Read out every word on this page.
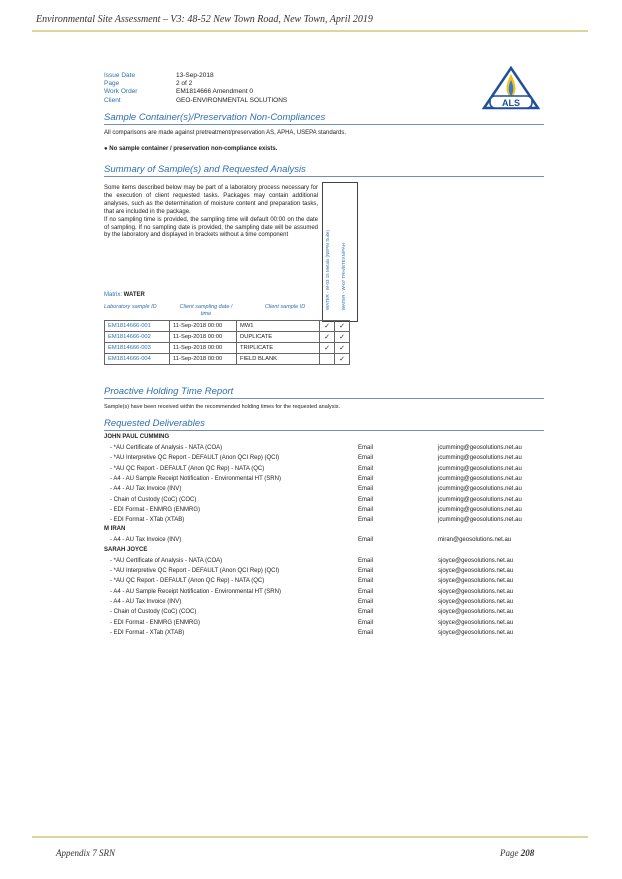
Environmental Site Assessment – V3: 48-52 New Town Road, New Town, April 2019
Issue Date	13-Sep-2018
Page	2 of 2
Work Order	EM1814666 Amendment 0
Client	GEO-ENVIRONMENTAL SOLUTIONS	ALS
Sample Container(s)/Preservation Non-Compliances
All comparisons are made against pretreatment/preservation AS, APHA, USEPA standards.
● No sample container / preservation non-compliance exists.
Summary of Sample(s) and Requested Analysis

Some items described below may be part of a laboratory process necessary for the execution of client requested tasks. Packages may contain additional analyses, such as the determination of moisture content and preparation tasks, that are included in the package.

If no sampling time is provided, the sampling time will default 00:00 on the date of sampling. If no sampling date is provided, the sampling date will be assumed by the laboratory and displayed in brackets without a time component

Matrix: WATER
Laboratory sample ID	Client sampling date / time
Client sample ID	WATER - W-03 15 Metals (NEPM Suite) WATER - W-07 TRH/BTEXN/PAH
EM1814666-001	11-Sep-2018 00:00	MW1	✓	✓
EM1814666-002	11-Sep-2018 00:00	DUPLICATE	✓	✓
EM1814666-003	11-Sep-2018 00:00	TRIPLICATE	✓	✓
EM1814666-004	11-Sep-2018 00:00	FIELD BLANK		✓
Proactive Holding Time Report
Sample(s) have been received within the recommended holding times for the requested analysis.
Requested Deliverables
JOHN PAUL CUMMING
- *AU Certificate of Analysis - NATA (COA)	Email	jcumming@geosolutions.net.au
- *AU Interpretive QC Report - DEFAULT (Anon QCI Rep) (QCI)	Email	jcumming@geosolutions.net.au
- *AU QC Report - DEFAULT (Anon QC Rep) - NATA (QC)	Email	jcumming@geosolutions.net.au
- A4 - AU Sample Receipt Notification - Environmental HT (SRN)	Email	jcumming@geosolutions.net.au
- A4 - AU Tax Invoice (INV)	Email	jcumming@geosolutions.net.au
- Chain of Custody (CoC) (COC)	Email	jcumming@geosolutions.net.au
- EDI Format - ENMRG (ENMRG)	Email	jcumming@geosolutions.net.au
- EDI Format - XTab (XTAB)	Email	jcumming@geosolutions.net.au
M IRAN
- A4 - AU Tax Invoice (INV)	Email	miran@geosolutions.net.au
SARAH JOYCE
- *AU Certificate of Analysis - NATA (COA)	Email	sjoyce@geosolutions.net.au
- *AU Interpretive QC Report - DEFAULT (Anon QCI Rep) (QCI)	Email	sjoyce@geosolutions.net.au
- *AU QC Report - DEFAULT (Anon QC Rep) - NATA (QC)	Email	sjoyce@geosolutions.net.au
- A4 - AU Sample Receipt Notification - Environmental HT (SRN)	Email	sjoyce@geosolutions.net.au
- A4 - AU Tax Invoice (INV)	Email	sjoyce@geosolutions.net.au
- Chain of Custody (CoC) (COC)	Email	sjoyce@geosolutions.net.au
- EDI Format - ENMRG (ENMRG)	Email	sjoyce@geosolutions.net.au
- EDI Format - XTab (XTAB)	Email	sjoyce@geosolutions.net.au
Appendix 7 SRN	Page 208
